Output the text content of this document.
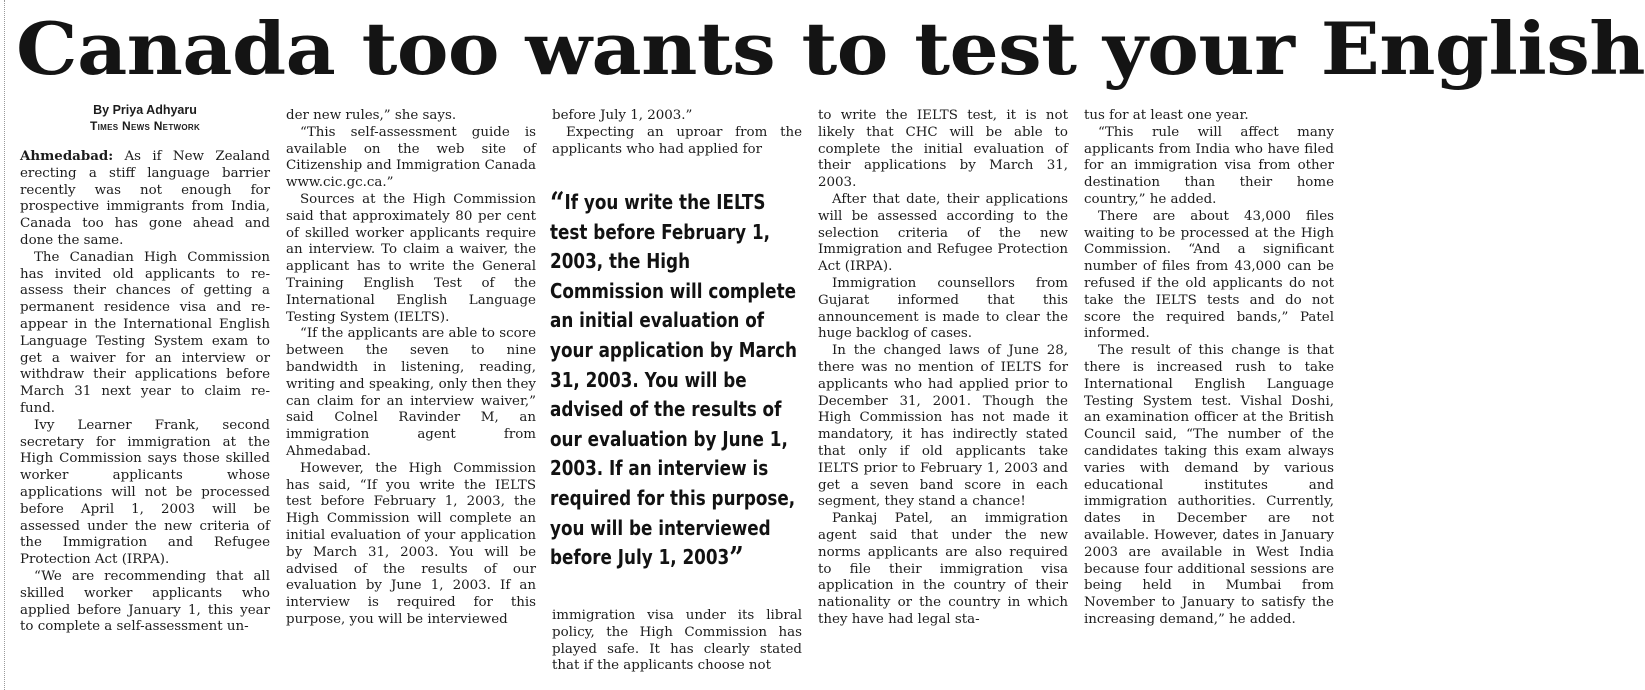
Canada too wants to test your English
By Priya Adhyaru
Times News Network

Ahmedabad: As if New Zealand erecting a stiff language barrier recently was not enough for prospective immigrants from India, Canada too has gone ahead and done the same.

The Canadian High Commission has invited old applicants to re-assess their chances of getting a permanent residence visa and re-appear in the International English Language Testing System exam to get a waiver for an interview or withdraw their applications before March 31 next year to claim re-fund.

Ivy Learner Frank, second secretary for immigration at the High Commission says those skilled worker applicants whose applications will not be processed before April 1, 2003 will be assessed under the new criteria of the Immigration and Refugee Protection Act (IRPA).

“We are recommending that all skilled worker applicants who applied before January 1, this year to complete a self-assessment un-

der new rules,” she says.

“This self-assessment guide is available on the web site of Citizenship and Immigration Canada www.cic.gc.ca.”

Sources at the High Commission said that approximately 80 per cent of skilled worker applicants require an interview. To claim a waiver, the applicant has to write the General Training English Test of the International English Language Testing System (IELTS).

“If the applicants are able to score between the seven to nine bandwidth in listening, reading, writing and speaking, only then they can claim for an interview waiver,” said Colnel Ravinder M, an immigration agent from Ahmedabad.

However, the High Commission has said, “If you write the IELTS test before February 1, 2003, the High Commission will complete an initial evaluation of your application by March 31, 2003. You will be advised of the results of our evaluation by June 1, 2003. If an interview is required for this purpose, you will be interviewed

before July 1, 2003.”

Expecting an uproar from the applicants who had applied for

“If you write the IELTS test before February 1, 2003, the High Commission will complete an initial evaluation of your application by March 31, 2003. You will be advised of the results of our evaluation by June 1, 2003. If an interview is required for this purpose, you will be interviewed before July 1, 2003”

immigration visa under its libral policy, the High Commission has played safe. It has clearly stated that if the applicants choose not

to write the IELTS test, it is not likely that CHC will be able to complete the initial evaluation of their applications by March 31, 2003.

After that date, their applications will be assessed according to the selection criteria of the new Immigration and Refugee Protection Act (IRPA).

Immigration counsellors from Gujarat informed that this announcement is made to clear the huge backlog of cases.

In the changed laws of June 28, there was no mention of IELTS for applicants who had applied prior to December 31, 2001. Though the High Commission has not made it mandatory, it has indirectly stated that only if old applicants take IELTS prior to February 1, 2003 and get a seven band score in each segment, they stand a chance!

Pankaj Patel, an immigration agent said that under the new norms applicants are also required to file their immigration visa application in the country of their nationality or the country in which they have had legal sta-

tus for at least one year.

“This rule will affect many applicants from India who have filed for an immigration visa from other destination than their home country,” he added.

There are about 43,000 files waiting to be processed at the High Commission. “And a significant number of files from 43,000 can be refused if the old applicants do not take the IELTS tests and do not score the required bands,” Patel informed.

The result of this change is that there is increased rush to take International English Language Testing System test. Vishal Doshi, an examination officer at the British Council said, “The number of the candidates taking this exam always varies with demand by various educational institutes and immigration authorities. Currently, dates in December are not available. However, dates in January 2003 are available in West India because four additional sessions are being held in Mumbai from November to January to satisfy the increasing demand,” he added.
